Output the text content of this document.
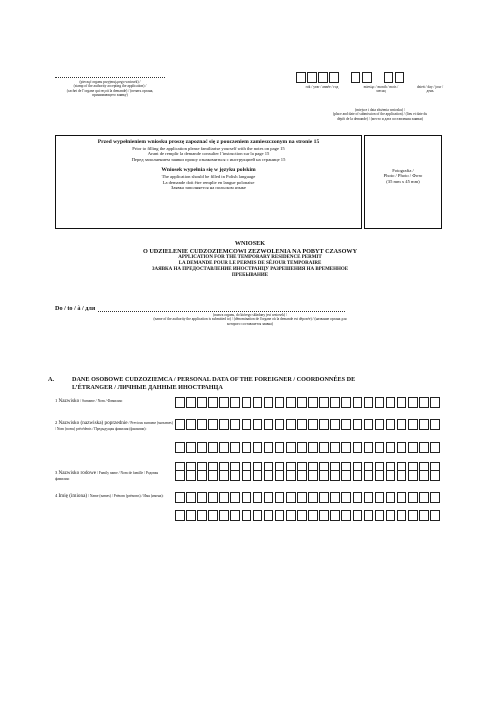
(pieczęć organu przyjmującego wniosek) /
(stamp of the authority accepting the application) /
(cachet de l’organe qui reçoit la demande) / (печать органа,
принимающего заявку)
rok / year / année / год	miesiąc / month / mois / месяц
dzień / day / jour / день
(miejsce i data złożenia wniosku) /
(place and date of submission of the application) / (lieu et date du
dépôt de la demande) / (место и дата составления заявки)
Przed wypełnieniem wniosku proszę zapoznać się z pouczeniem zamieszczonym na stronie 15
Prior to filling the application please familiarise yourself with the notes on page 15
Avant de remplir la demande consulter l’instruction sur la page 15
Перед заполнением заявки прошу ознакомиться с инструкцией на странице 15
Wniosek wypełnia się w języku polskim
The application should be filled in Polish language
La demande doit être remplie en langue polonaise
Заявка заполняется на польском языке
Fotografia /
Photo / Photo / Фото
(35 mm x 45 mm)
WNIOSEK
O UDZIELENIE CUDZOZIEMCOWI ZEZWOLENIA NA POBYT CZASOWY
APPLICATION FOR THE TEMPORARY RESIDENCE PERMIT
LA DEMANDE POUR LE PERMIS DE SÉJOUR TEMPORAIRE
ЗАЯВКА НА ПРЕДОСТАВЛЕНИЕ ИНОСТРАНЦУ РАЗРЕШЕНИЯ НА ВРЕМЕННОЕ
ПРЕБЫВАНИЕ
Do / to / à / для
(nazwa organu, do którego składany jest wniosek) /
(name of the authority the application is submitted to) / (dénomination de l'organe où la demande est déposée) / (название органа для
которого составляется заявка)
A.	DANE OSOBOWE CUDZOZIEMCA / PERSONAL DATA OF THE FOREIGNER / COORDONNÉES DE
L’ÉTRANGER / ЛИЧНЫЕ ДАННЫЕ ИНОСТРАНЦА
1 Nazwisko / Surname / Nom / Фамилия:
2 Nazwisko (nazwiska) poprzednie / Previous surname (surnames) / Nom (noms) précédents / Предыдущая фамилия (фамилии):
3 Nazwisko rodowe / Family name / Nom de famille / Родовая фамилия:
4 Imię (imiona) / Name (names) / Prénom (prénoms) / Имя (имена):
